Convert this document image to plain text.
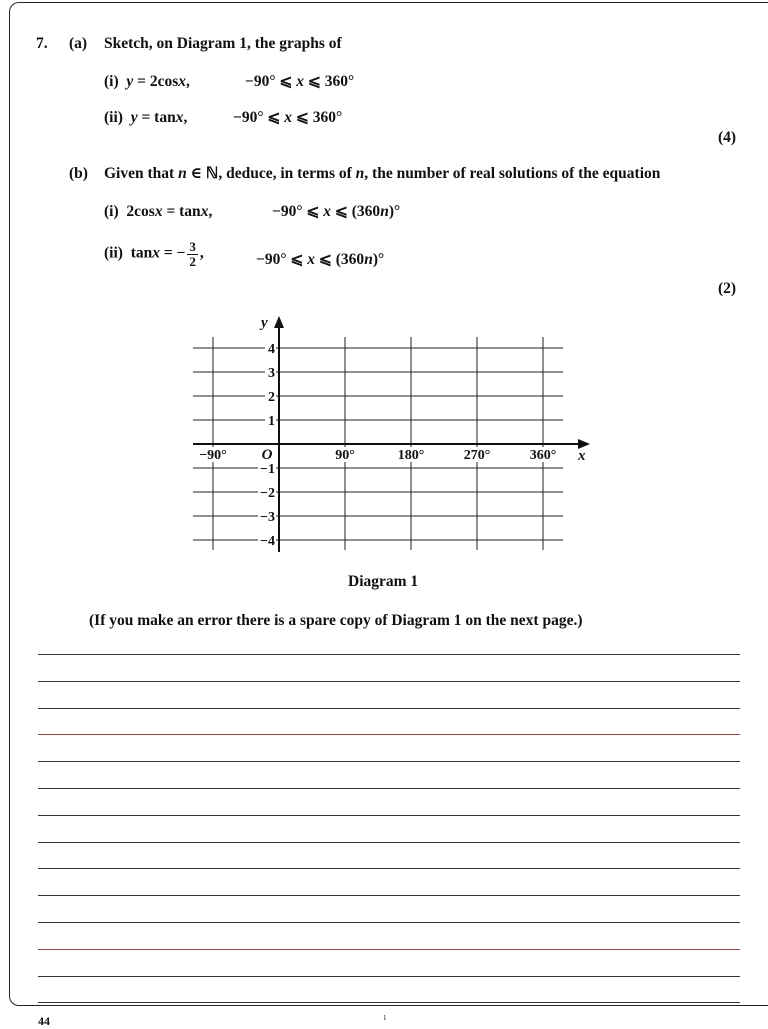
7. (a) Sketch, on Diagram 1, the graphs of
(i) y = 2cosx,	−90° ⩽ x ⩽ 360°
(ii) y = tanx,	−90° ⩽ x ⩽ 360°
(4)
(b) Given that n ∈ ℕ, deduce, in terms of n, the number of real solutions of the equation
(i) 2cosx = tanx,	−90° ⩽ x ⩽ (360n)°
(ii) tanx = − $\frac{3}{2}$ ,	−90° ⩽ x ⩽ (360n)°
(2)
4
3
2
1
−1
−2
−3
−4
−90°	90°	180°	270°	360°
O
y
x
Diagram 1
(If you make an error there is a spare copy of Diagram 1 on the next page.)
44	1
